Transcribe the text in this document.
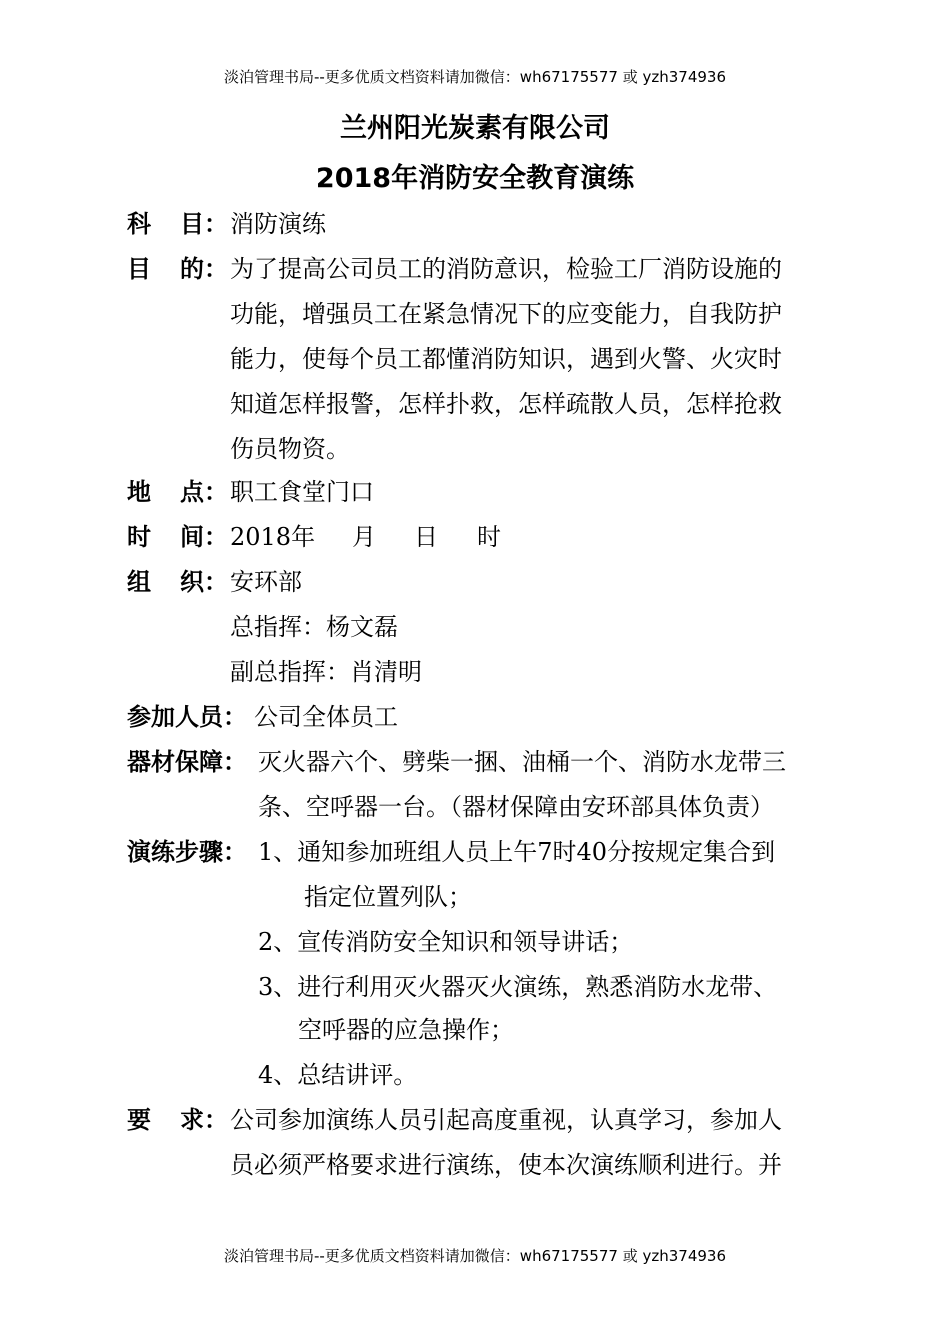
淡泊管理书局--更多优质文档资料请加微信：wh67175577 或 yzh374936
兰州阳光炭素有限公司
2018年消防安全教育演练
科 目 ： 消防演练
目 的 ： 为了提高公司员工的消防意识，检验工厂消防设施的
功能，增强员工在紧急情况下的应变能力，自我防护
能力，使每个员工都懂消防知识，遇到火警、火灾时
知道怎样报警，怎样扑救，怎样疏散人员，怎样抢救
伤员物资。
地 点 ： 职工食堂门口
时 间 ： 2018年 月 日 时
组 织 ： 安环部
总指挥：杨文磊
副总指挥：肖清明
参加人员： 公司全体员工
器材保障： 灭火器六个、劈柴一捆、油桶一个、消防水龙带三
条、空呼器一台。（器材保障由安环部具体负责）
演练步骤： 1、通知参加班组人员上午7时40分按规定集合到
指定位置列队；
2、宣传消防安全知识和领导讲话；
3、进行利用灭火器灭火演练，熟悉消防水龙带、
空呼器的应急操作；
4、总结讲评。
要 求 ： 公司参加演练人员引起高度重视，认真学习，参加人
员必须严格要求进行演练，使本次演练顺利进行。并
淡泊管理书局--更多优质文档资料请加微信：wh67175577 或 yzh374936
